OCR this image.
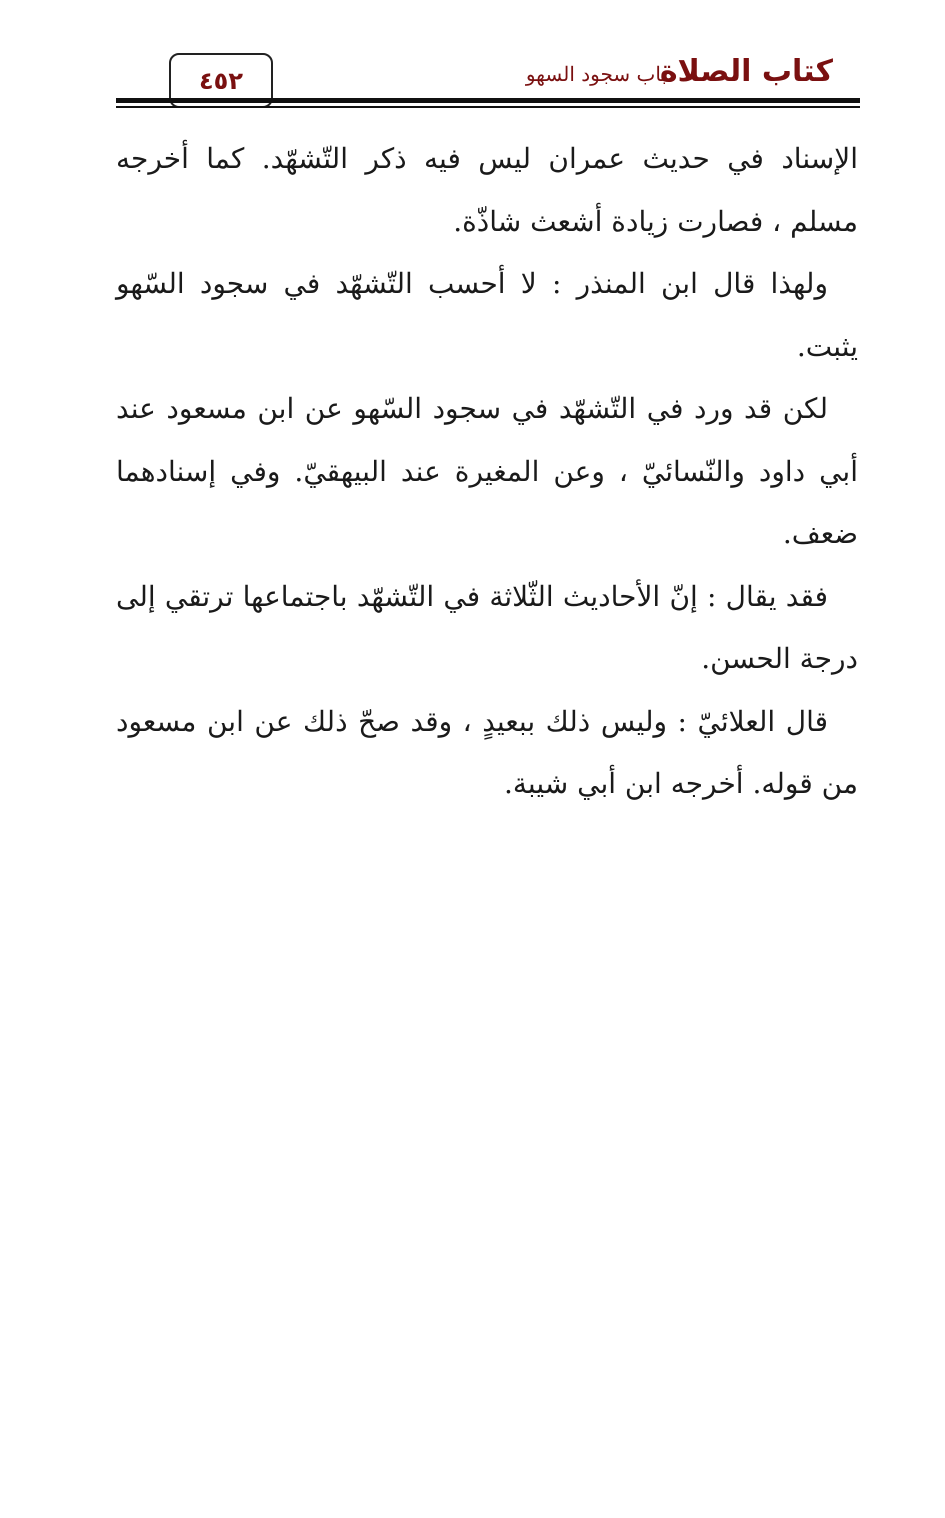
كتاب الصلاة
باب سجود السهو
٤٥٢

الإسناد في حديث عمران ليس فيه ذكر التّشهّد. كما أخرجه مسلم ، فصارت زيادة أشعث شاذّة.

ولهذا قال ابن المنذر : لا أحسب التّشهّد في سجود السّهو يثبت.

لكن قد ورد في التّشهّد في سجود السّهو عن ابن مسعود عند أبي داود والنّسائيّ ، وعن المغيرة عند البيهقيّ. وفي إسنادهما ضعف.

فقد يقال : إنّ الأحاديث الثّلاثة في التّشهّد باجتماعها ترتقي إلى درجة الحسن.

قال العلائيّ : وليس ذلك ببعيدٍ ، وقد صحّ ذلك عن ابن مسعود من قوله. أخرجه ابن أبي شيبة.
